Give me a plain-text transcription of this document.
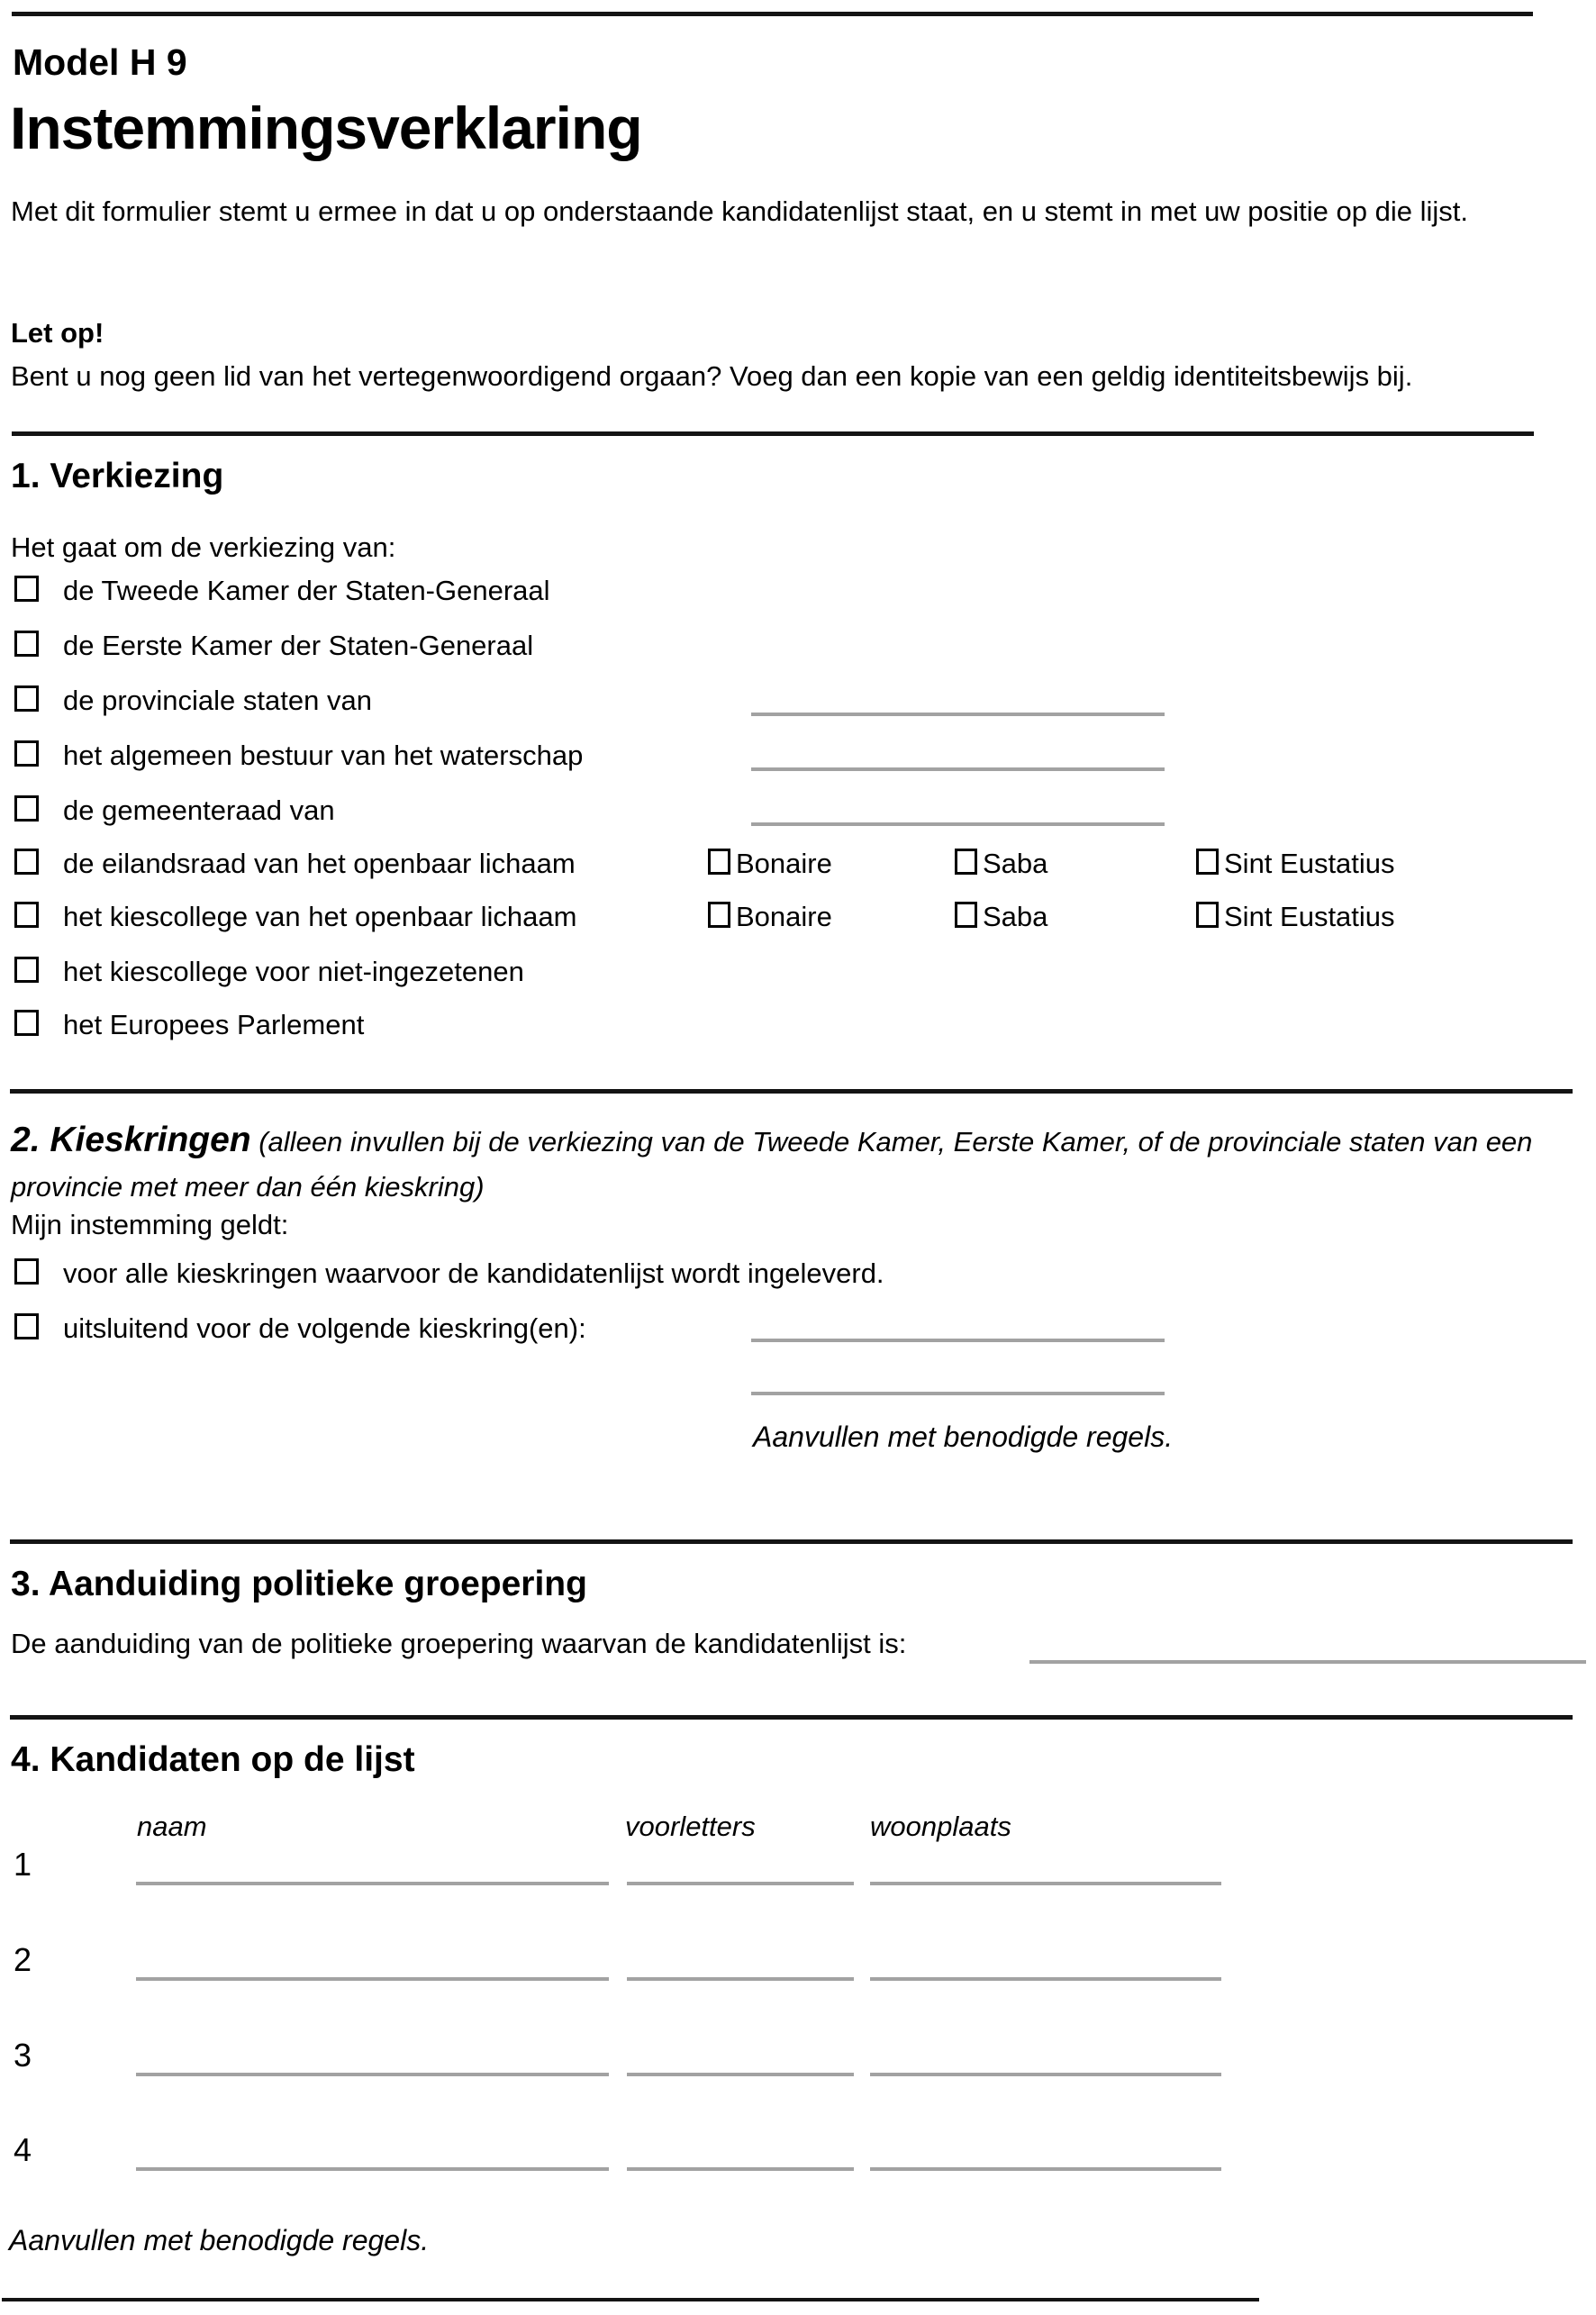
Model H 9
Instemmingsverklaring
Met dit formulier stemt u ermee in dat u op onderstaande kandidatenlijst staat, en u stemt in met uw positie op die lijst.
Let op!
Bent u nog geen lid van het vertegenwoordigend orgaan? Voeg dan een kopie van een geldig identiteitsbewijs bij.
1. Verkiezing
Het gaat om de verkiezing van:
de Tweede Kamer der Staten-Generaal
de Eerste Kamer der Staten-Generaal
de provinciale staten van
het algemeen bestuur van het waterschap
de gemeenteraad van
de eilandsraad van het openbaar lichaam	Bonaire	Saba	Sint Eustatius
het kiescollege van het openbaar lichaam	Bonaire	Saba	Sint Eustatius
het kiescollege voor niet-ingezetenen
het Europees Parlement
2. Kieskringen (alleen invullen bij de verkiezing van de Tweede Kamer, Eerste Kamer, of de provinciale staten van een provincie met meer dan één kieskring)
Mijn instemming geldt:
voor alle kieskringen waarvoor de kandidatenlijst wordt ingeleverd.
uitsluitend voor de volgende kieskring(en):
Aanvullen met benodigde regels.
3. Aanduiding politieke groepering
De aanduiding van de politieke groepering waarvan de kandidatenlijst is:
4. Kandidaten op de lijst
naam	voorletters	woonplaats
1
2
3
4
Aanvullen met benodigde regels.
